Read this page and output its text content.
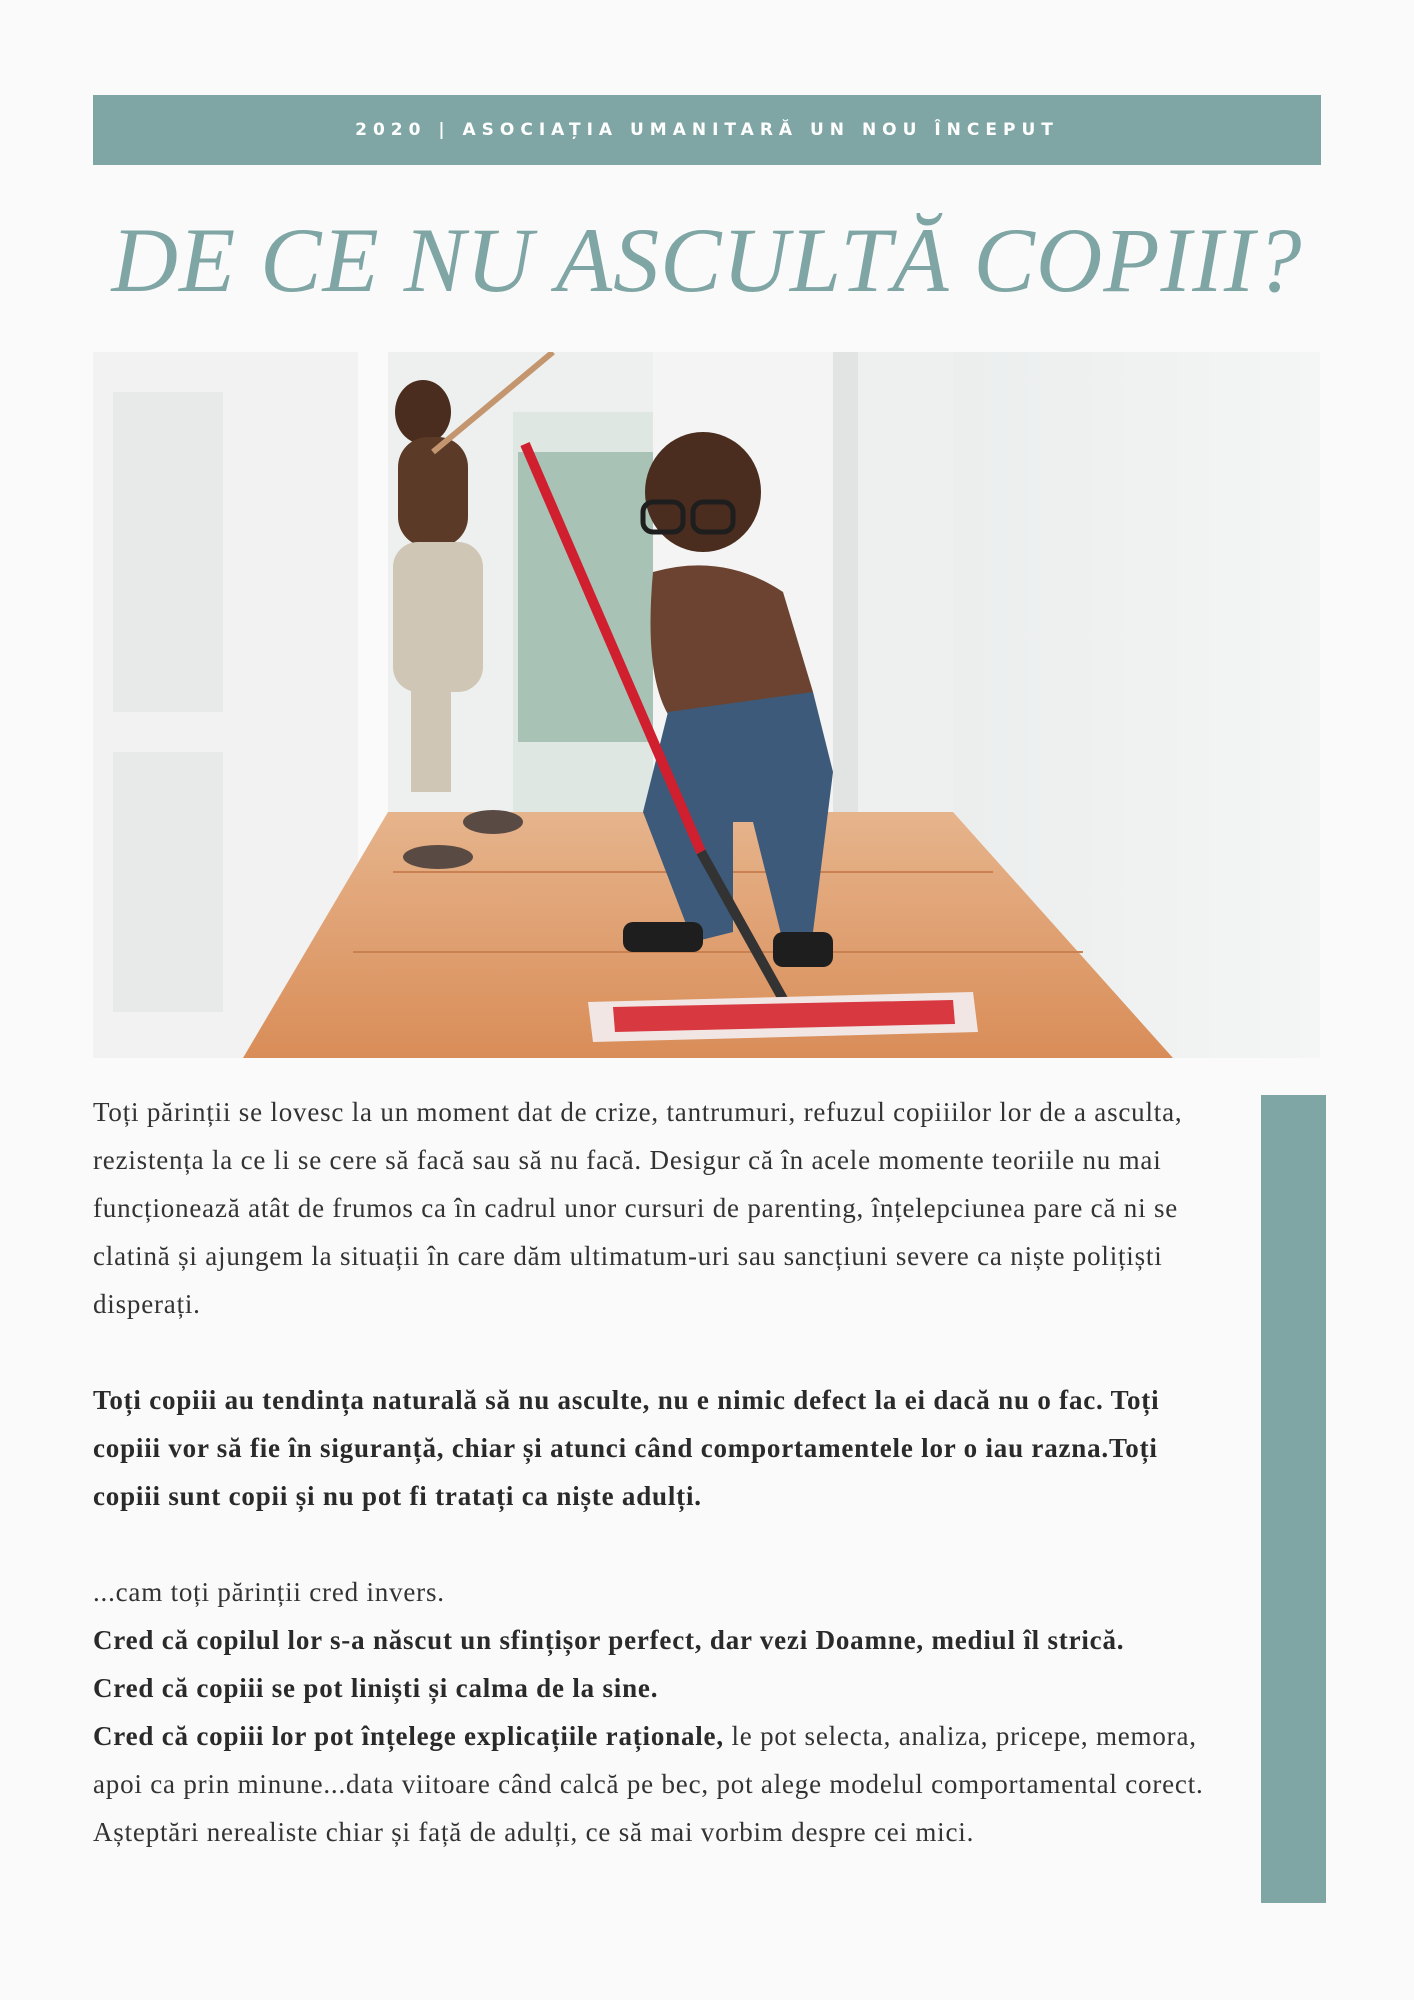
2020 | ASOCIAȚIA UMANITARĂ UN NOU ÎNCEPUT
DE CE NU ASCULTĂ COPIII?

Toți părinții se lovesc la un moment dat de crize, tantrumuri, refuzul copiiilor lor de a asculta, rezistența la ce li se cere să facă sau să nu facă. Desigur că în acele momente teoriile nu mai funcționează atât de frumos ca în cadrul unor cursuri de parenting, înțelepciunea pare că ni se clatină și ajungem la situații în care dăm ultimatum-uri sau sancțiuni severe ca niște polițiști disperați.

Toți copiii au tendința naturală să nu asculte, nu e nimic defect la ei dacă nu o fac. Toți copiii vor să fie în siguranță, chiar și atunci când comportamentele lor o iau razna.Toți copiii sunt copii și nu pot fi tratați ca niște adulți.

...cam toți părinții cred invers.

Cred că copilul lor s-a născut un sfințișor perfect, dar vezi Doamne, mediul îl strică.

Cred că copiii se pot liniști și calma de la sine.

Cred că copiii lor pot înțelege explicațiile raționale, le pot selecta, analiza, pricepe, memora, apoi ca prin minune...data viitoare când calcă pe bec, pot alege modelul comportamental corect.

Așteptări nerealiste chiar și față de adulți, ce să mai vorbim despre cei mici.
